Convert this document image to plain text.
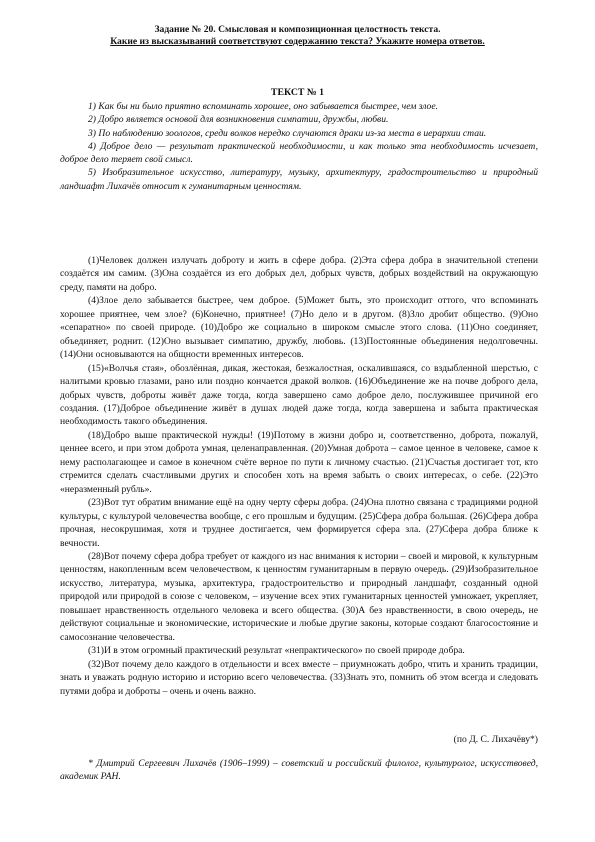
Задание № 20. Смысловая и композиционная целостность текста.
Какие из высказываний соответствуют содержанию текста? Укажите номера ответов.
ТЕКСТ № 1

1) Как бы ни было приятно вспоминать хорошее, оно забывается быстрее, чем злое.

2) Добро является основой для возникновения симпатии, дружбы, любви.

3) По наблюдению зоологов, среди волков нередко случаются драки из-за места в иерархии стаи.

4) Доброе дело — результат практической необходимости, и как только эта необходимость исчезает, доброе дело теряет свой смысл.

5) Изобразительное искусство, литературу, музыку, архитектуру, градостроительство и природный ландшафт Лихачёв относит к гуманитарным ценностям.

(1)Человек должен излучать доброту и жить в сфере добра. (2)Эта сфера добра в значительной степени создаётся им самим. (3)Она создаётся из его добрых дел, добрых чувств, добрых воздействий на окружающую среду, памяти на добро.

(4)Злое дело забывается быстрее, чем доброе. (5)Может быть, это происходит оттого, что вспоминать хорошее приятнее, чем злое? (6)Конечно, приятнее! (7)Но дело и в другом. (8)Зло дробит общество. (9)Оно «сепаратно» по своей природе. (10)Добро же социально в широком смысле этого слова. (11)Оно соединяет, объединяет, роднит. (12)Оно вызывает симпатию, дружбу, любовь. (13)Постоянные объединения недолговечны. (14)Они основываются на общности временных интересов.

(15)«Волчья стая», обозлённая, дикая, жестокая, безжалостная, оскалившаяся, со вздыбленной шерстью, с налитыми кровью глазами, рано или поздно кончается дракой волков. (16)Объединение же на почве доброго дела, добрых чувств, доброты живёт даже тогда, когда завершено само доброе дело, послужившее причиной его создания. (17)Доброе объединение живёт в душах людей даже тогда, когда завершена и забыта практическая необходимость такого объединения.

(18)Добро выше практической нужды! (19)Потому в жизни добро и, соответственно, доброта, пожалуй, ценнее всего, и при этом доброта умная, целенаправленная. (20)Умная доброта – самое ценное в человеке, самое к нему располагающее и самое в конечном счёте верное по пути к личному счастью. (21)Счастья достигает тот, кто стремится сделать счастливыми других и способен хоть на время забыть о своих интересах, о себе. (22)Это «неразменный рубль».

(23)Вот тут обратим внимание ещё на одну черту сферы добра. (24)Она плотно связана с традициями родной культуры, с культурой человечества вообще, с его прошлым и будущим. (25)Сфера добра большая. (26)Сфера добра прочная, несокрушимая, хотя и труднее достигается, чем формируется сфера зла. (27)Сфера добра ближе к вечности.

(28)Вот почему сфера добра требует от каждого из нас внимания к истории – своей и мировой, к культурным ценностям, накопленным всем человечеством, к ценностям гуманитарным в первую очередь. (29)Изобразительное искусство, литература, музыка, архитектура, градостроительство и природный ландшафт, созданный одной природой или природой в союзе с человеком, – изучение всех этих гуманитарных ценностей умножает, укрепляет, повышает нравственность отдельного человека и всего общества. (30)А без нравственности, в свою очередь, не действуют социальные и экономические, исторические и любые другие законы, которые создают благосостояние и самосознание человечества.

(31)И в этом огромный практический результат «непрактического» по своей природе добра.

(32)Вот почему дело каждого в отдельности и всех вместе – приумножать добро, чтить и хранить традиции, знать и уважать родную историю и историю всего человечества. (33)Знать это, помнить об этом всегда и следовать путями добра и доброты – очень и очень важно.

(по Д. С. Лихачёву*)
* Дмитрий Сергеевич Лихачёв (1906–1999) – советский и российский филолог, культуролог, искусствовед, академик РАН.
